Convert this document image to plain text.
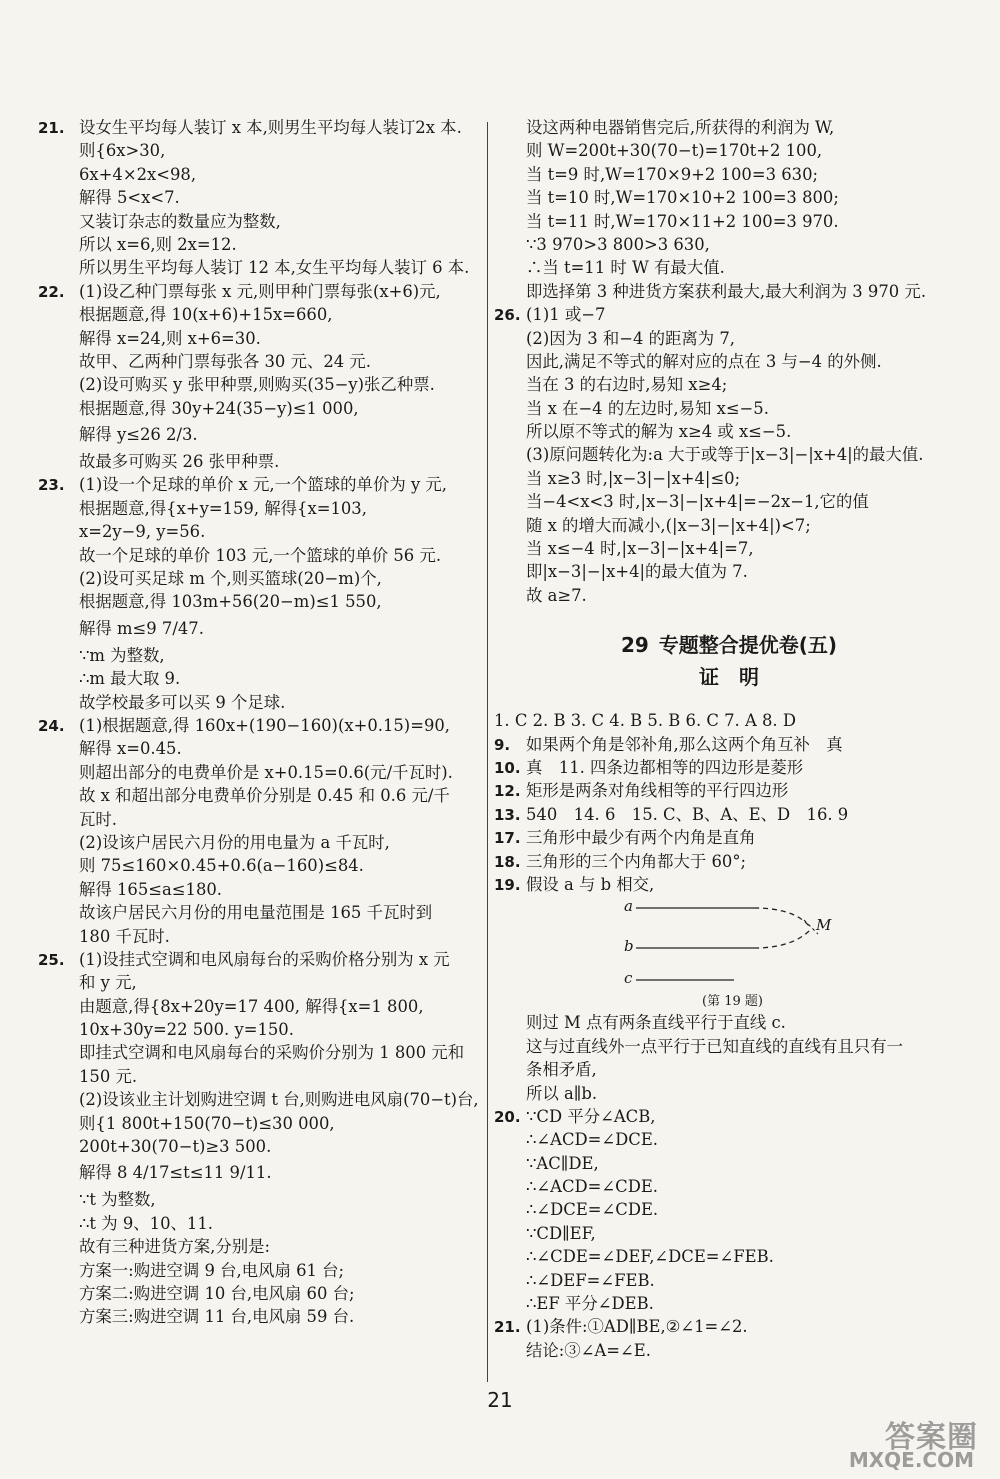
21. 设女生平均每人装订 x 本,则男生平均每人装订2x 本.
则{6x>30,
6x+4×2x<98,
解得 5<x<7.
又装订杂志的数量应为整数,
所以 x=6,则 2x=12.
所以男生平均每人装订 12 本,女生平均每人装订 6 本.
22. (1)设乙种门票每张 x 元,则甲种门票每张(x+6)元,
根据题意,得 10(x+6)+15x=660,
解得 x=24,则 x+6=30.
故甲、乙两种门票每张各 30 元、24 元.
(2)设可购买 y 张甲种票,则购买(35−y)张乙种票.
根据题意,得 30y+24(35−y)≤1 000,
解得 y≤26 2/3.
故最多可购买 26 张甲种票.
23. (1)设一个足球的单价 x 元,一个篮球的单价为 y 元,
根据题意,得{x+y=159, 解得{x=103,
x=2y−9, y=56.
故一个足球的单价 103 元,一个篮球的单价 56 元.
(2)设可买足球 m 个,则买篮球(20−m)个,
根据题意,得 103m+56(20−m)≤1 550,
解得 m≤9 7/47.
∵m 为整数,
∴m 最大取 9.
故学校最多可以买 9 个足球.
24. (1)根据题意,得 160x+(190−160)(x+0.15)=90,
解得 x=0.45.
则超出部分的电费单价是 x+0.15=0.6(元/千瓦时).
故 x 和超出部分电费单价分别是 0.45 和 0.6 元/千
瓦时.
(2)设该户居民六月份的用电量为 a 千瓦时,
则 75≤160×0.45+0.6(a−160)≤84.
解得 165≤a≤180.
故该户居民六月份的用电量范围是 165 千瓦时到
180 千瓦时.
25. (1)设挂式空调和电风扇每台的采购价格分别为 x 元
和 y 元,
由题意,得{8x+20y=17 400, 解得{x=1 800,
10x+30y=22 500. y=150.
即挂式空调和电风扇每台的采购价分别为 1 800 元和
150 元.
(2)设该业主计划购进空调 t 台,则购进电风扇(70−t)台,
则{1 800t+150(70−t)≤30 000,
200t+30(70−t)≥3 500.
解得 8 4/17≤t≤11 9/11.
∵t 为整数,
∴t 为 9、10、11.
故有三种进货方案,分别是:
方案一:购进空调 9 台,电风扇 61 台;
方案二:购进空调 10 台,电风扇 60 台;
方案三:购进空调 11 台,电风扇 59 台.
设这两种电器销售完后,所获得的利润为 W,
则 W=200t+30(70−t)=170t+2 100,
当 t=9 时,W=170×9+2 100=3 630;
当 t=10 时,W=170×10+2 100=3 800;
当 t=11 时,W=170×11+2 100=3 970.
∵3 970>3 800>3 630,
∴当 t=11 时 W 有最大值.
即选择第 3 种进货方案获利最大,最大利润为 3 970 元.
26. (1)1 或−7
(2)因为 3 和−4 的距离为 7,
因此,满足不等式的解对应的点在 3 与−4 的外侧.
当在 3 的右边时,易知 x≥4;
当 x 在−4 的左边时,易知 x≤−5.
所以原不等式的解为 x≥4 或 x≤−5.
(3)原问题转化为:a 大于或等于|x−3|−|x+4|的最大值.
当 x≥3 时,|x−3|−|x+4|≤0;
当−4<x<3 时,|x−3|−|x+4|=−2x−1,它的值
随 x 的增大而减小,(|x−3|−|x+4|)<7;
当 x≤−4 时,|x−3|−|x+4|=7,
即|x−3|−|x+4|的最大值为 7.
故 a≥7.
29 专题整合提优卷(五)
证　明
1. C 2. B 3. C 4. B 5. B 6. C 7. A 8. D
9. 如果两个角是邻补角,那么这两个角互补　真
10. 真　11. 四条边都相等的四边形是菱形
12. 矩形是两条对角线相等的平行四边形
13. 540　14. 6　15. C、B、A、E、D　16. 9
17. 三角形中最少有两个内角是直角
18. 三角形的三个内角都大于 60°;
19. 假设 a 与 b 相交,
a
b
c
M
(第 19 题)
则过 M 点有两条直线平行于直线 c.
这与过直线外一点平行于已知直线的直线有且只有一
条相矛盾,
所以 a∥b.
20. ∵CD 平分∠ACB,
∴∠ACD=∠DCE.
∵AC∥DE,
∴∠ACD=∠CDE.
∴∠DCE=∠CDE.
∵CD∥EF,
∴∠CDE=∠DEF,∠DCE=∠FEB.
∴∠DEF=∠FEB.
∴EF 平分∠DEB.
21. (1)条件:①AD∥BE,②∠1=∠2.
结论:③∠A=∠E.
21
答案圈
MXQE.COM
